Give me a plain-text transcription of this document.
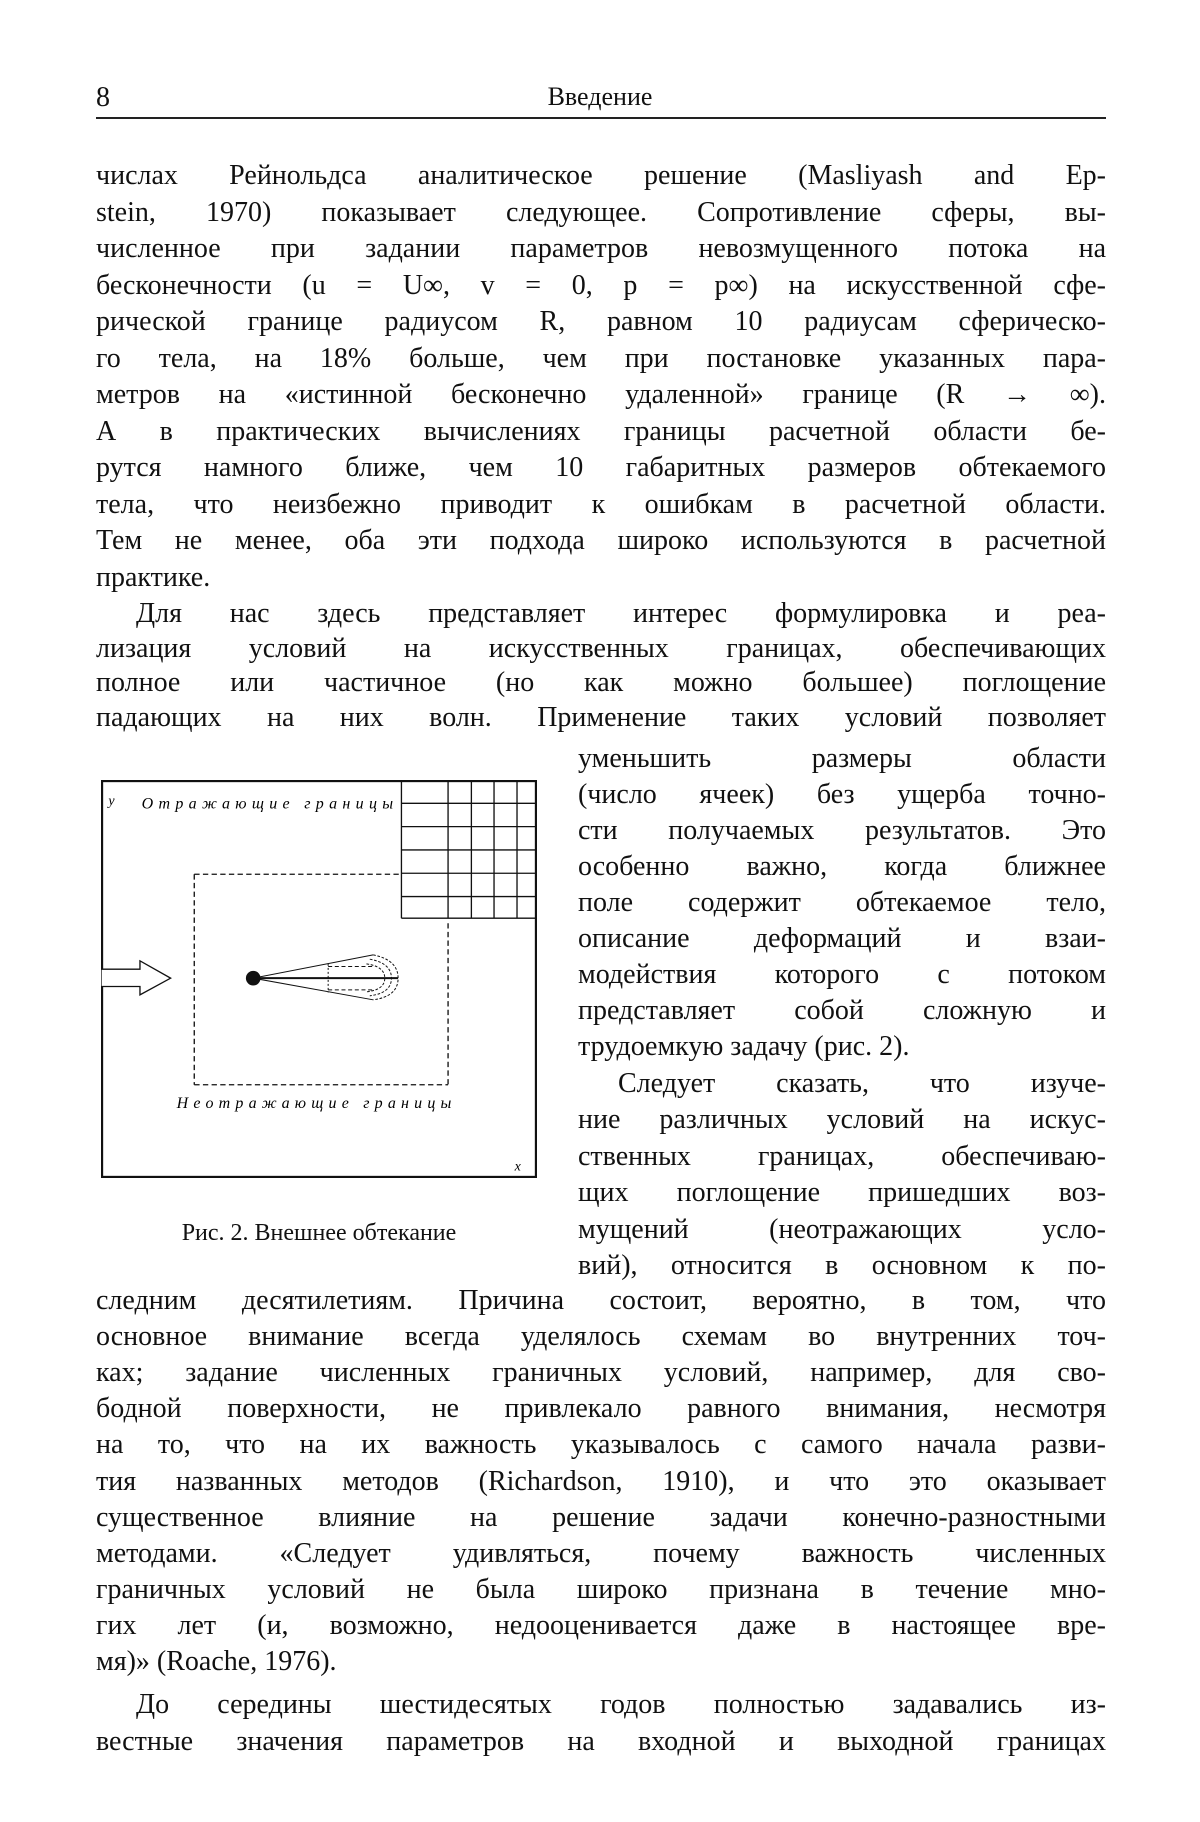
8	Введение
числах Рейнольдса аналитическое решение (Masliyash and Ep-
stein, 1970) показывает следующее. Сопротивление сферы, вы-
численное при задании параметров невозмущенного потока на
бесконечности (u = U∞, v = 0, p = p∞) на искусственной сфе-
рической границе радиусом R, равном 10 радиусам сферическо-
го тела, на 18% больше, чем при постановке указанных пара-
метров на «истинной бесконечно удаленной» границе (R → ∞).
А в практических вычислениях границы расчетной области бе-
рутся намного ближе, чем 10 габаритных размеров обтекаемого
тела, что неизбежно приводит к ошибкам в расчетной области.
Тем не менее, оба эти подхода широко используются в расчетной
практике.
Для нас здесь представляет интерес формулировка и реа-
лизация условий на искусственных границах, обеспечивающих
полное или частичное (но как можно большее) поглощение
падающих на них волн. Применение таких условий позволяет
уменьшить размеры области
(число ячеек) без ущерба точно-
сти получаемых результатов. Это
особенно важно, когда ближнее
поле содержит обтекаемое тело,
описание деформаций и взаи-
модействия которого с потоком
представляет собой сложную и
трудоемкую задачу (рис. 2).
Следует сказать, что изуче-
ние различных условий на искус-
ственных границах, обеспечиваю-
щих поглощение пришедших воз-
мущений (неотражающих усло-
вий), относится в основном к по-
следним десятилетиям. Причина состоит, вероятно, в том, что
основное внимание всегда уделялось схемам во внутренних точ-
ках; задание численных граничных условий, например, для сво-
бодной поверхности, не привлекало равного внимания, несмотря
на то, что на их важность указывалось с самого начала разви-
тия названных методов (Richardson, 1910), и что это оказывает
существенное влияние на решение задачи конечно-разностными
методами. «Следует удивляться, почему важность численных
граничных условий не была широко признана в течение мно-
гих лет (и, возможно, недооценивается даже в настоящее вре-
мя)» (Roache, 1976).
До середины шестидесятых годов полностью задавались из-
вестные значения параметров на входной и выходной границах
y Отражающие границы
Неотражающие границы
x
Рис. 2. Внешнее обтекание
